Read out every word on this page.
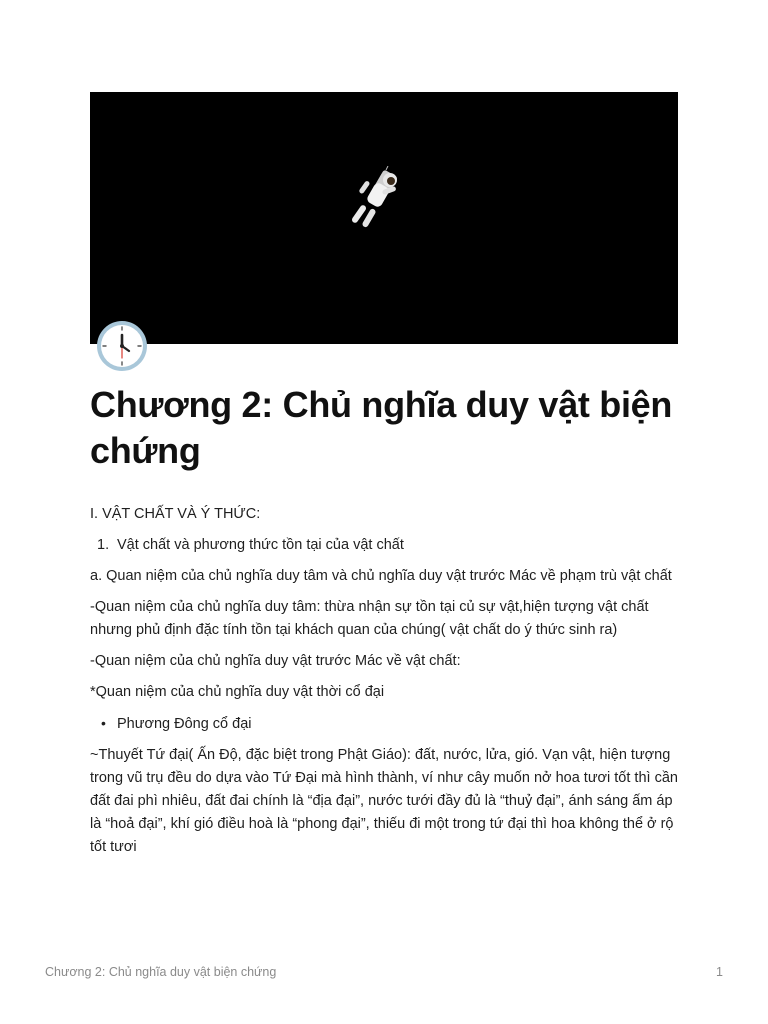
Chương 2: Chủ nghĩa duy vật biện chứng

I. VẬT CHẤT VÀ Ý THỨC:

1. Vật chất và phương thức tồn tại của vật chất

a. Quan niệm của chủ nghĩa duy tâm và chủ nghĩa duy vật trước Mác về phạm trù vật chất

-Quan niệm của chủ nghĩa duy tâm: thừa nhận sự tồn tại củ sự vật,hiện tượng vật chất nhưng phủ định đặc tính tồn tại khách quan của chúng( vật chất do ý thức sinh ra)

-Quan niệm của chủ nghĩa duy vật trước Mác về vật chất:

*Quan niệm của chủ nghĩa duy vật thời cổ đại

• Phương Đông cổ đại

~Thuyết Tứ đại( Ấn Độ, đặc biệt trong Phật Giáo): đất, nước, lửa, gió. Vạn vật, hiện tượng trong vũ trụ đều do dựa vào Tứ Đại mà hình thành, ví như cây muốn nở hoa tươi tốt thì cần đất đai phì nhiêu, đất đai chính là “địa đại”, nước tưới đầy đủ là “thuỷ đại”, ánh sáng ấm áp là “hoả đại”, khí gió điều hoà là “phong đại”, thiếu đi một trong tứ đại thì hoa không thể ở rộ tốt tươi

Chương 2: Chủ nghĩa duy vật biện chứng	1
